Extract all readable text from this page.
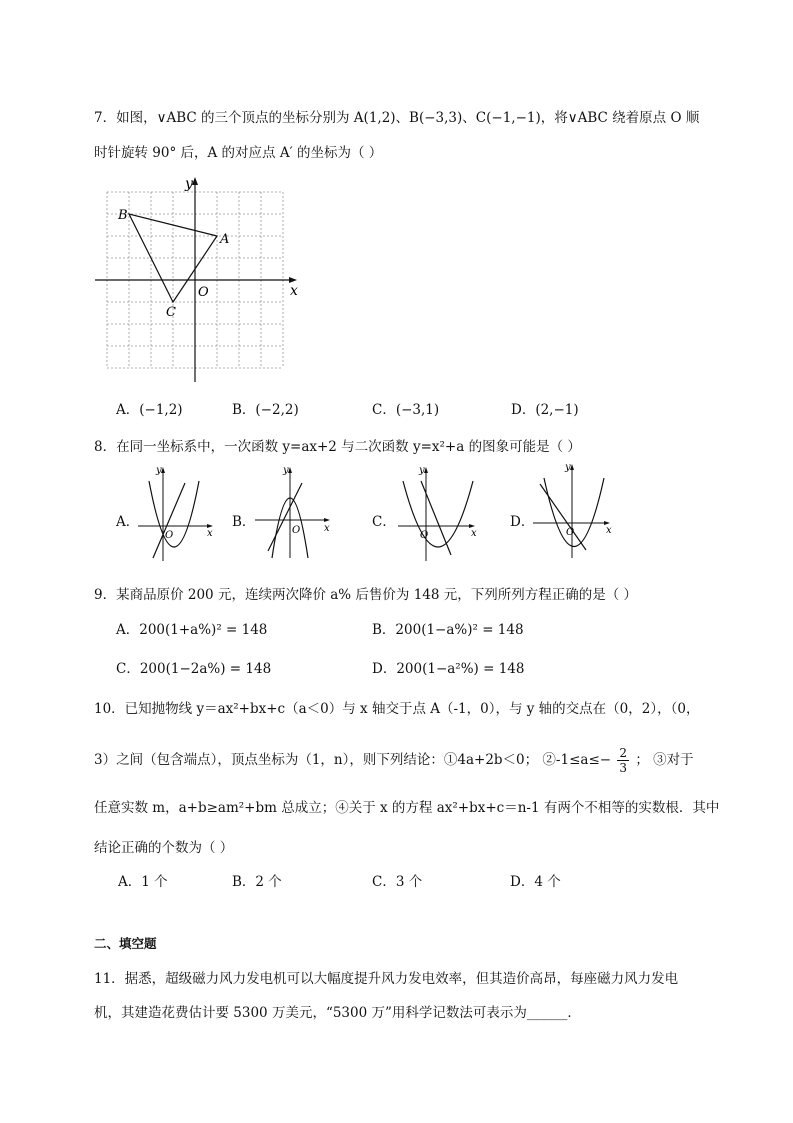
7．如图，∨ABC 的三个顶点的坐标分别为 A(1,2)、B(−3,3)、C(−1,−1)，将∨ABC 绕着原点 O 顺
时针旋转 90° 后，A 的对应点 A′ 的坐标为（ ）
B
A
C
O	x
y
A．(−1,2)	B．(−2,2)	C．(−3,1)	D．(2,−1)
8．在同一坐标系中，一次函数 y=ax+2 与二次函数 y=x²+a 的图象可能是（ ）
A．
y
x
O
B．
y
x
O
C．
y
x
O
D．
y
x
O
9．某商品原价 200 元，连续两次降价 a% 后售价为 148 元，下列所列方程正确的是（ ）
A．200(1+a%)² = 148	B．200(1−a%)² = 148
C．200(1−2a%) = 148	D．200(1−a²%) = 148
10．已知抛物线 y＝ax²+bx+c（a＜0）与 x 轴交于点 A（-1，0），与 y 轴的交点在（0，2），（0，
3）之间（包含端点），顶点坐标为（1，n），则下列结论：①4a+2b＜0； ②-1≤a≤− $\frac{2}{3}$ ； ③对于
任意实数 m，a+b≥am²+bm 总成立；④关于 x 的方程 ax²+bx+c＝n-1 有两个不相等的实数根．其中
结论正确的个数为（ ）
A．1 个	B．2 个	C．3 个	D．4 个
二、填空题
11．据悉，超级磁力风力发电机可以大幅度提升风力发电效率，但其造价高昂，每座磁力风力发电
机，其建造花费估计要 5300 万美元，“5300 万”用科学记数法可表示为______．
